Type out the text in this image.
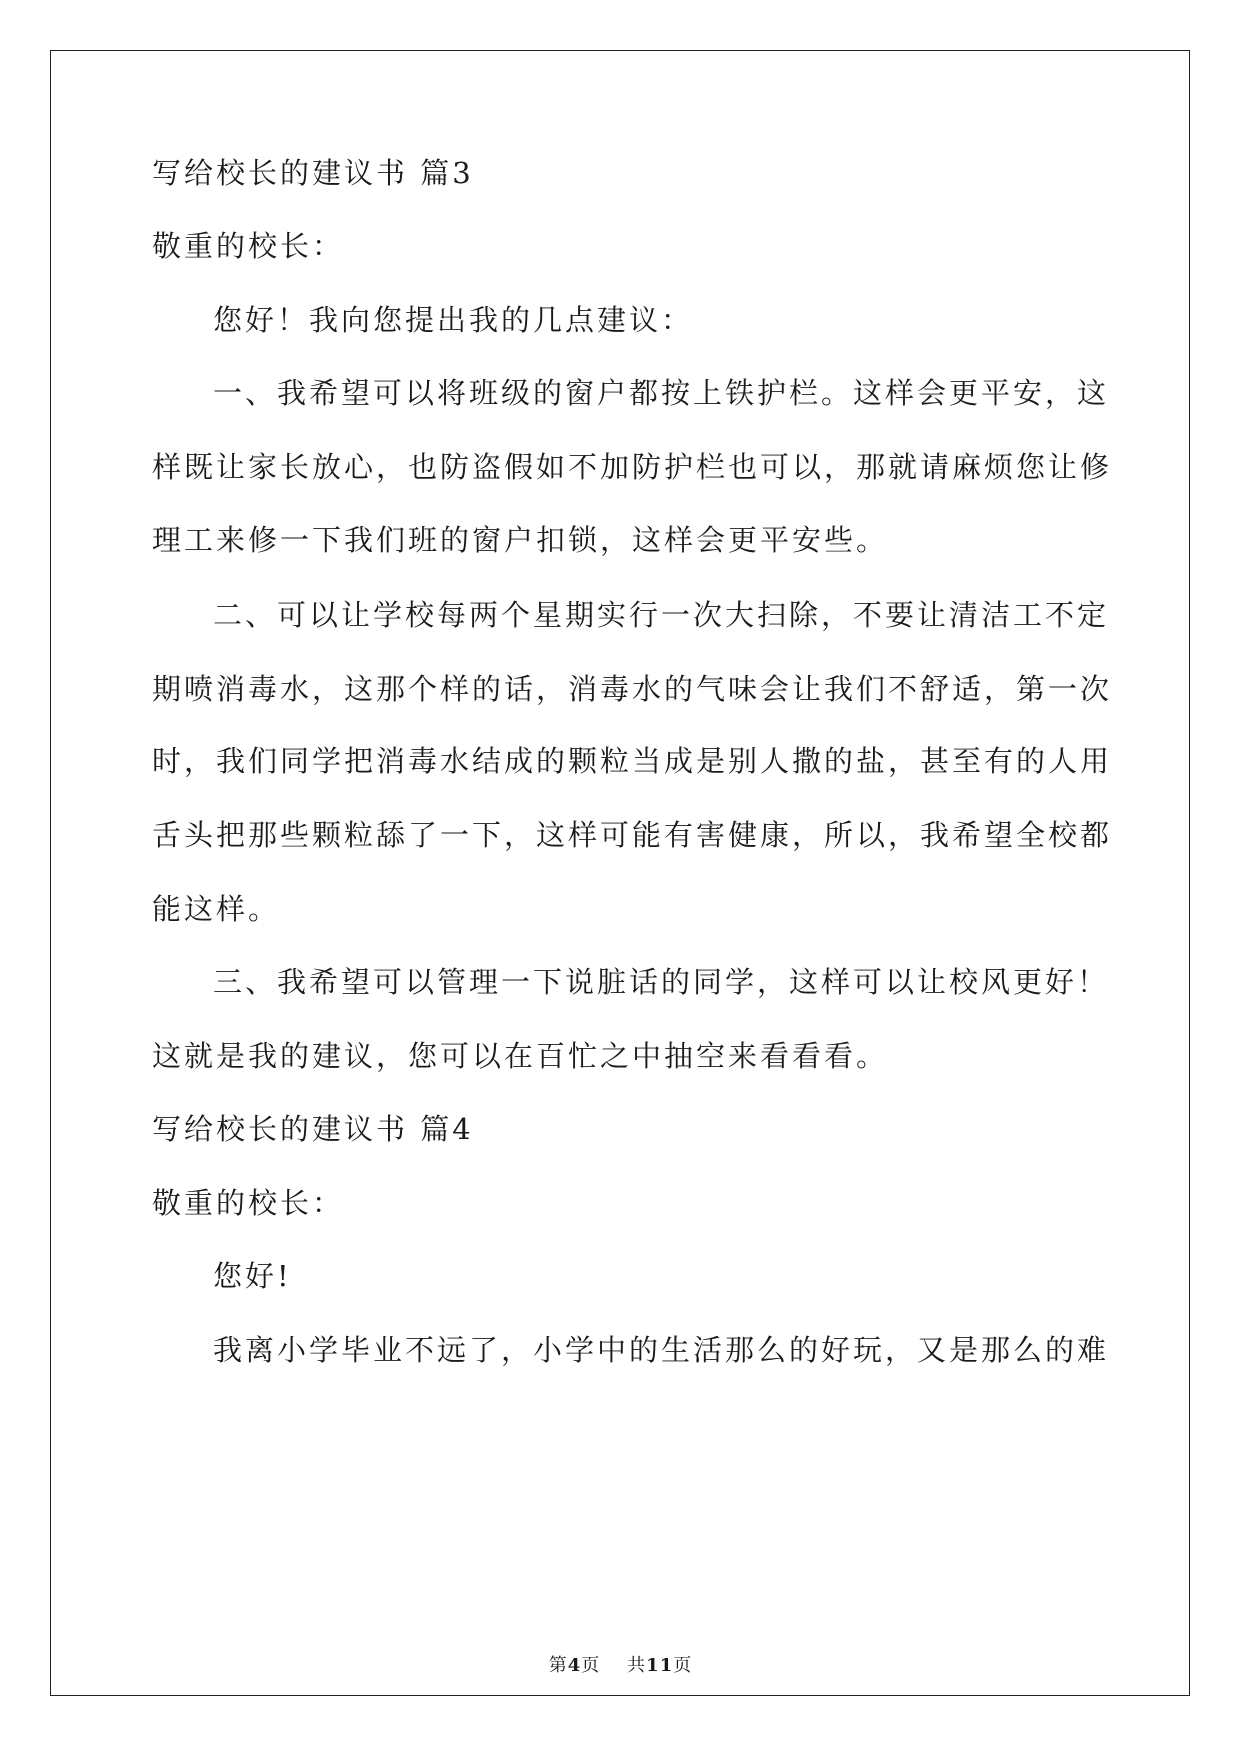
写给校长的建议书 篇3
敬重的校长：
您好！我向您提出我的几点建议：
一、我希望可以将班级的窗户都按上铁护栏。这样会更平安，这
样既让家长放心，也防盗假如不加防护栏也可以，那就请麻烦您让修
理工来修一下我们班的窗户扣锁，这样会更平安些。
二、可以让学校每两个星期实行一次大扫除，不要让清洁工不定
期喷消毒水，这那个样的话，消毒水的气味会让我们不舒适，第一次
时，我们同学把消毒水结成的颗粒当成是别人撒的盐，甚至有的人用
舌头把那些颗粒舔了一下，这样可能有害健康，所以，我希望全校都
能这样。
三、我希望可以管理一下说脏话的同学，这样可以让校风更好！
这就是我的建议，您可以在百忙之中抽空来看看看。
写给校长的建议书 篇4
敬重的校长：
您好!
我离小学毕业不远了，小学中的生活那么的好玩，又是那么的难
第4页 共11页
